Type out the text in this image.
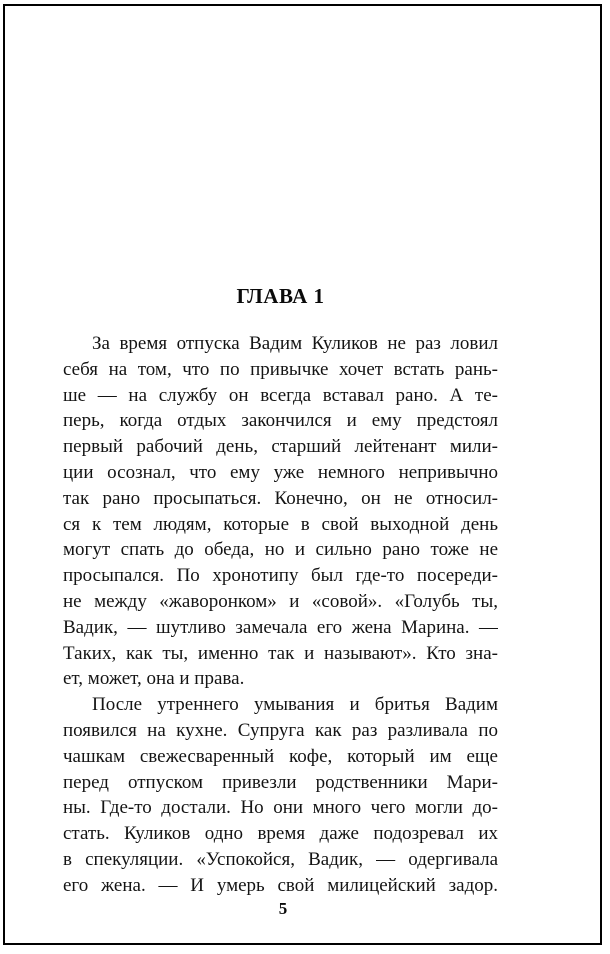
ГЛАВА 1
За время отпуска Вадим Куликов не раз ловил
себя на том, что по привычке хочет встать рань-
ше — на службу он всегда вставал рано. А те-
перь, когда отдых закончился и ему предстоял
первый рабочий день, старший лейтенант мили-
ции осознал, что ему уже немного непривычно
так рано просыпаться. Конечно, он не относил-
ся к тем людям, которые в свой выходной день
могут спать до обеда, но и сильно рано тоже не
просыпался. По хронотипу был где-то посереди-
не между «жаворонком» и «совой». «Голубь ты,
Вадик, — шутливо замечала его жена Марина. —
Таких, как ты, именно так и называют». Кто зна-
ет, может, она и права.
После утреннего умывания и бритья Вадим
появился на кухне. Супруга как раз разливала по
чашкам свежесваренный кофе, который им еще
перед отпуском привезли родственники Мари-
ны. Где-то достали. Но они много чего могли до-
стать. Куликов одно время даже подозревал их
в спекуляции. «Успокойся, Вадик, — одергивала
его жена. — И умерь свой милицейский задор.
5
